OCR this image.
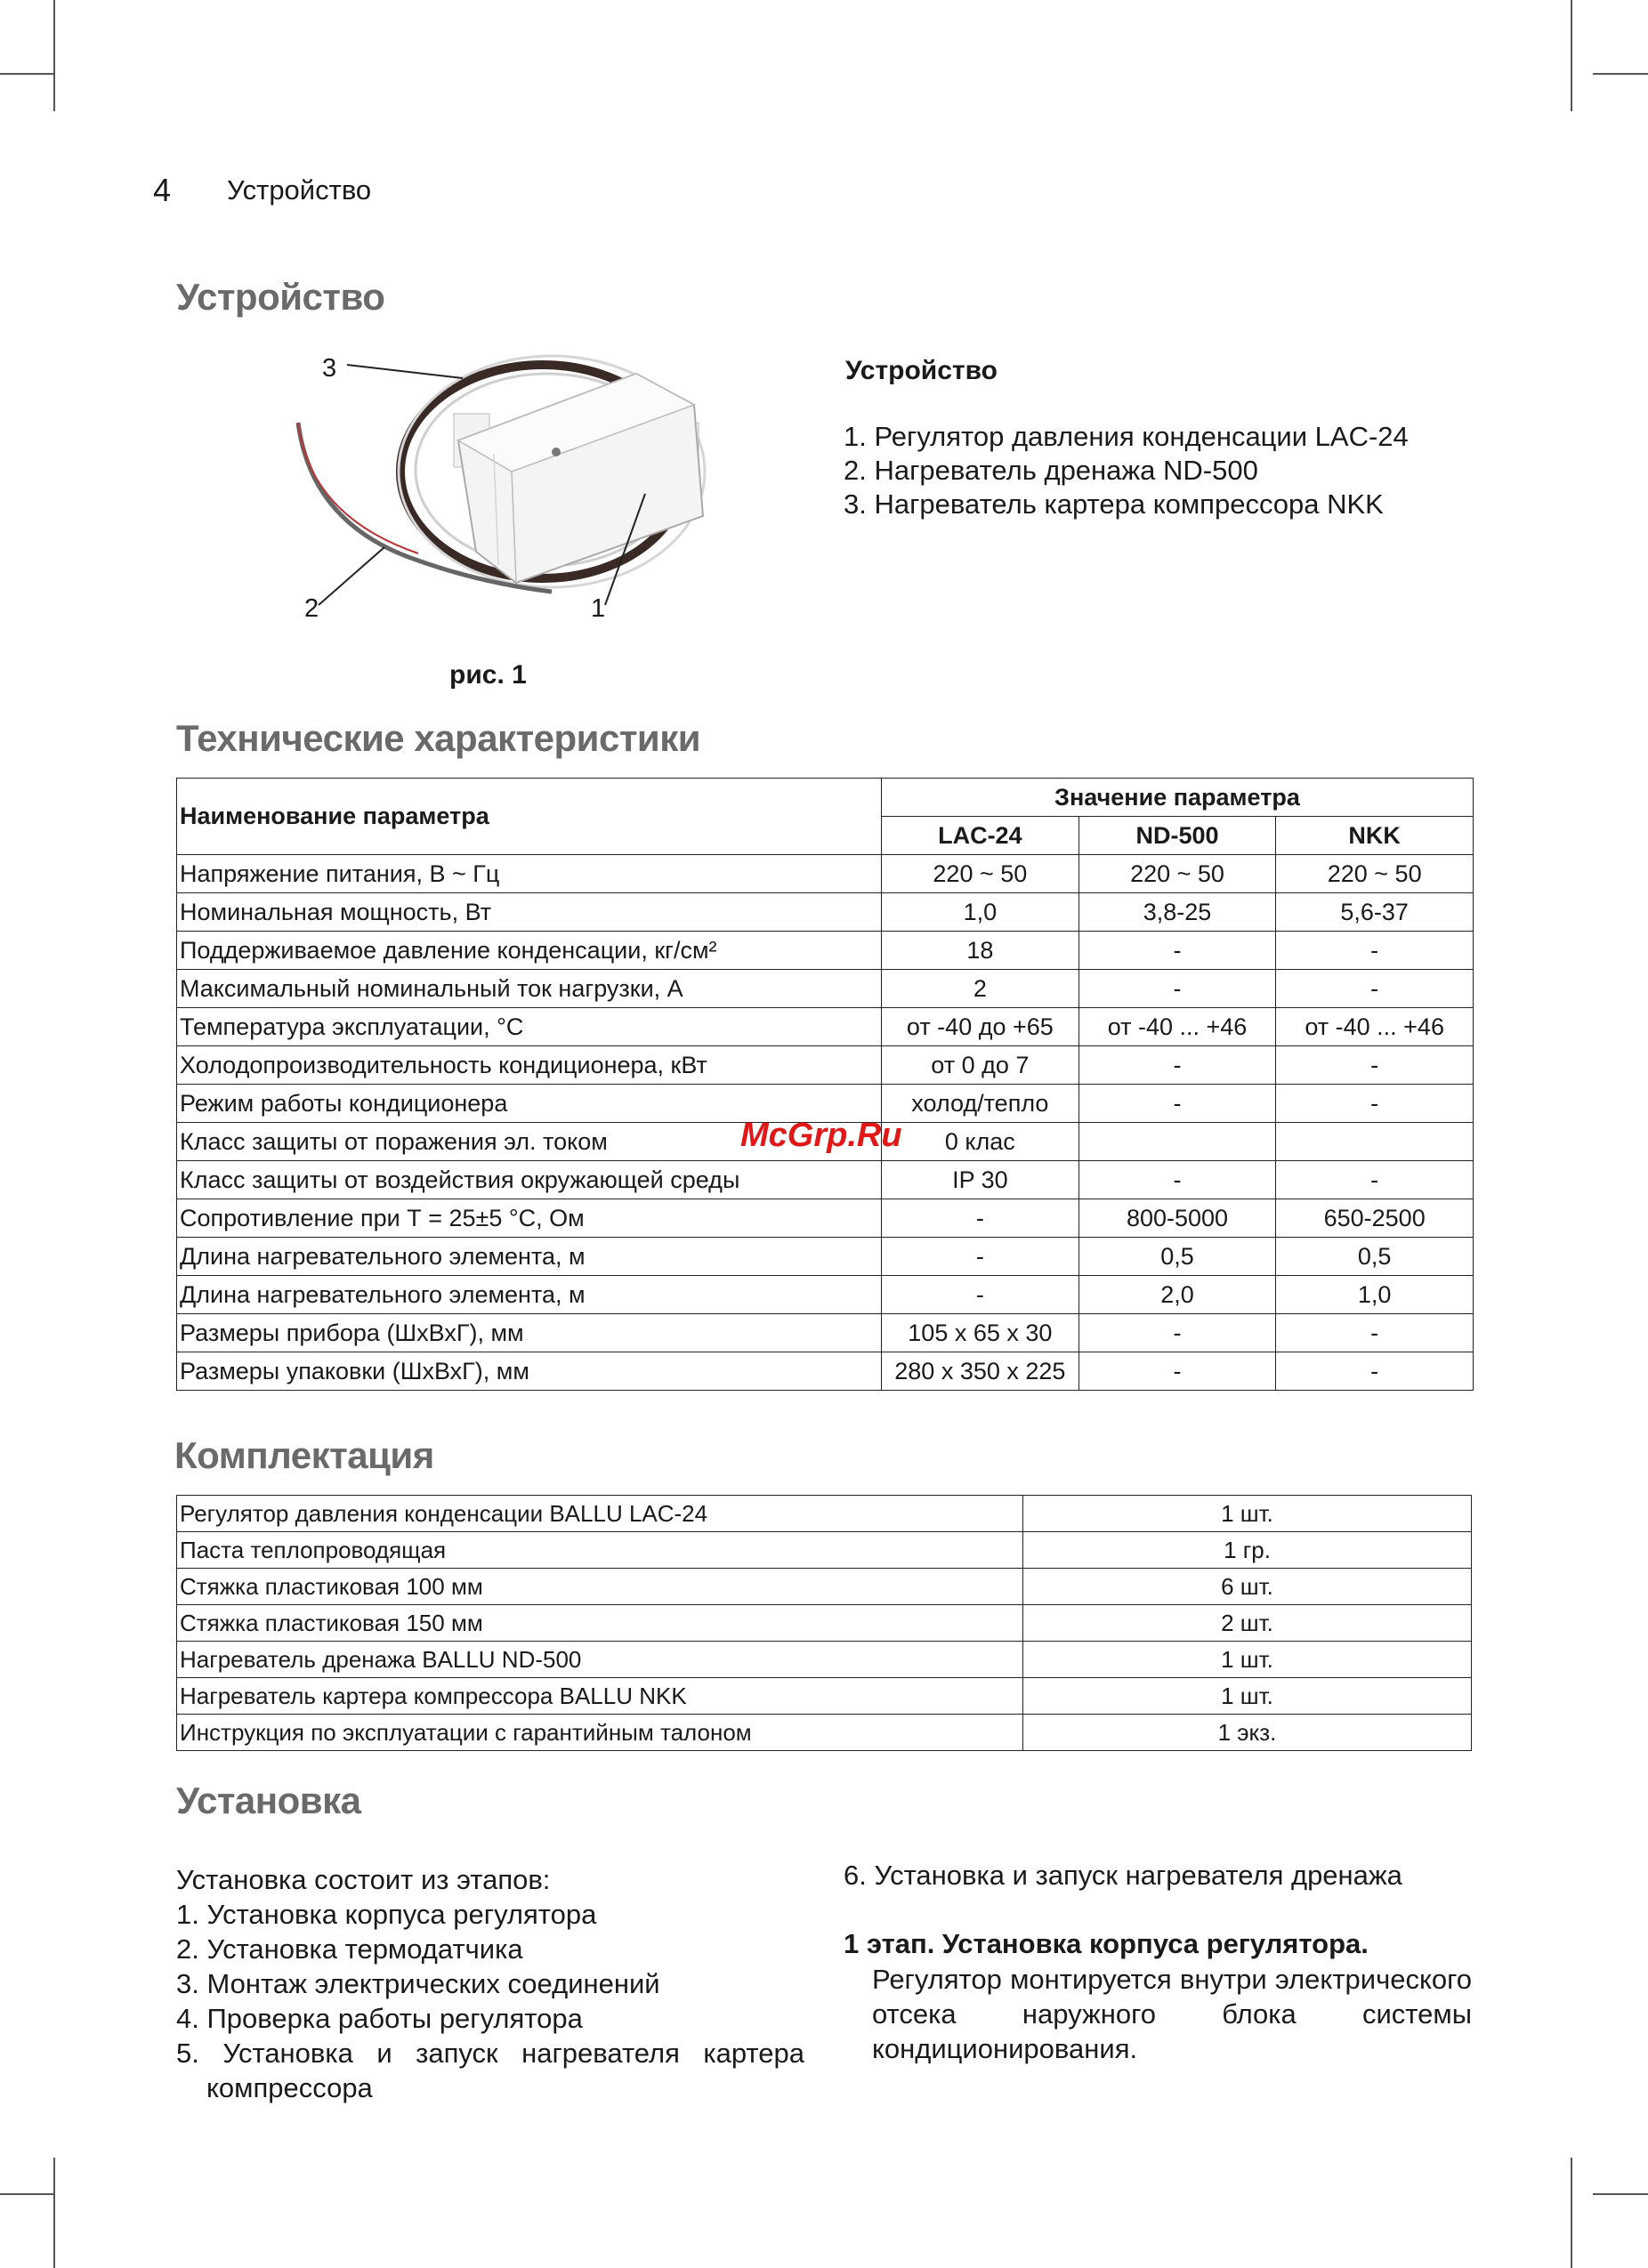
4 Устройство
Устройство
3
2	1
рис. 1
Устройство
1. Регулятор давления конденсации LAC-24
2. Нагреватель дренажа ND-500
3. Нагреватель картера компрессора NKK
Технические характеристики
Наименование параметра	Значение параметра		
	LAC-24	ND-500	NKK
Напряжение питания, В ~ Гц	220 ~ 50	220 ~ 50	220 ~ 50
Номинальная мощность, Вт	1,0	3,8-25	5,6-37
Поддерживаемое давление конденсации, кг/см²	18	-	-
Максимальный номинальный ток нагрузки, А	2	-	-
Температура эксплуатации, °С	от -40 до +65	от -40 ... +46	от -40 ... +46
Холодопроизводительность кондиционера, кВт	от 0 до 7	-	-
Режим работы кондиционера	холод/тепло	-	-
Класс защиты от поражения эл. током	0 клас		
Класс защиты от воздействия окружающей среды	IP 30	-	-
Сопротивление при Т = 25±5 °С, Ом	-	800-5000	650-2500
Длина нагревательного элемента, м	-	0,5	0,5
Длина нагревательного элемента, м	-	2,0	1,0
Размеры прибора (ШхВхГ), мм	105 x 65 x 30	-	-
Размеры упаковки (ШхВхГ), мм	280 x 350 x 225	-	-
Комплектация
Регулятор давления конденсации BALLU LAC-24	1 шт.
Паста теплопроводящая	1 гр.
Стяжка пластиковая 100 мм	6 шт.
Стяжка пластиковая 150 мм	2 шт.
Нагреватель дренажа BALLU ND-500	1 шт.
Нагреватель картера компрессора BALLU NKK	1 шт.
Инструкция по эксплуатации с гарантийным талоном	1 экз.
Установка
Установка состоит из этапов:
1. Установка корпуса регулятора
2. Установка термодатчика
3. Монтаж электрических соединений
4. Проверка работы регулятора
5. Установка и запуск нагревателя картера компрессора
6. Установка и запуск нагревателя дренажа
1 этап. Установка корпуса регулятора.
Регулятор монтируется внутри электрического отсека наружного блока системы кондиционирования.
McGrp.Ru
